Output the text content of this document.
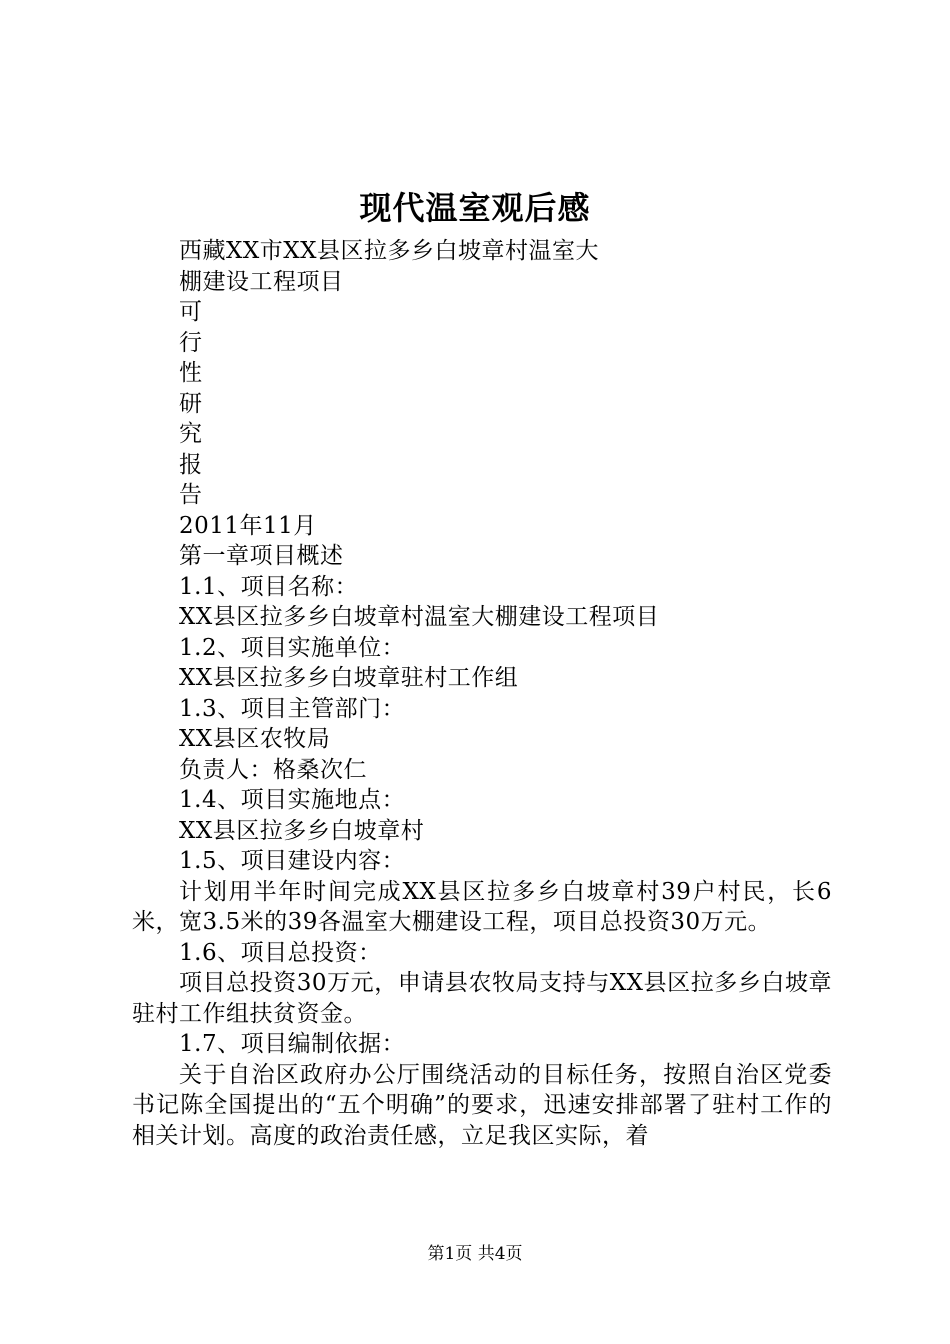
现代温室观后感

西藏XX市XX县区拉多乡白坡章村温室大

棚建设工程项目

可

行

性

研

究

报

告

2011年11月

第一章项目概述

1.1、项目名称：

XX县区拉多乡白坡章村温室大棚建设工程项目

1.2、项目实施单位：

XX县区拉多乡白坡章驻村工作组

1.3、项目主管部门：

XX县区农牧局

负责人：格桑次仁

1.4、项目实施地点：

XX县区拉多乡白坡章村

1.5、项目建设内容：

计划用半年时间完成XX县区拉多乡白坡章村39户村民，长6米，宽3.5米的39各温室大棚建设工程，项目总投资30万元。

1.6、项目总投资：

项目总投资30万元，申请县农牧局支持与XX县区拉多乡白坡章驻村工作组扶贫资金。

1.7、项目编制依据：

关于自治区政府办公厅围绕活动的目标任务，按照自治区党委书记陈全国提出的“五个明确”的要求，迅速安排部署了驻村工作的相关计划。高度的政治责任感，立足我区实际，着

第1页 共4页
